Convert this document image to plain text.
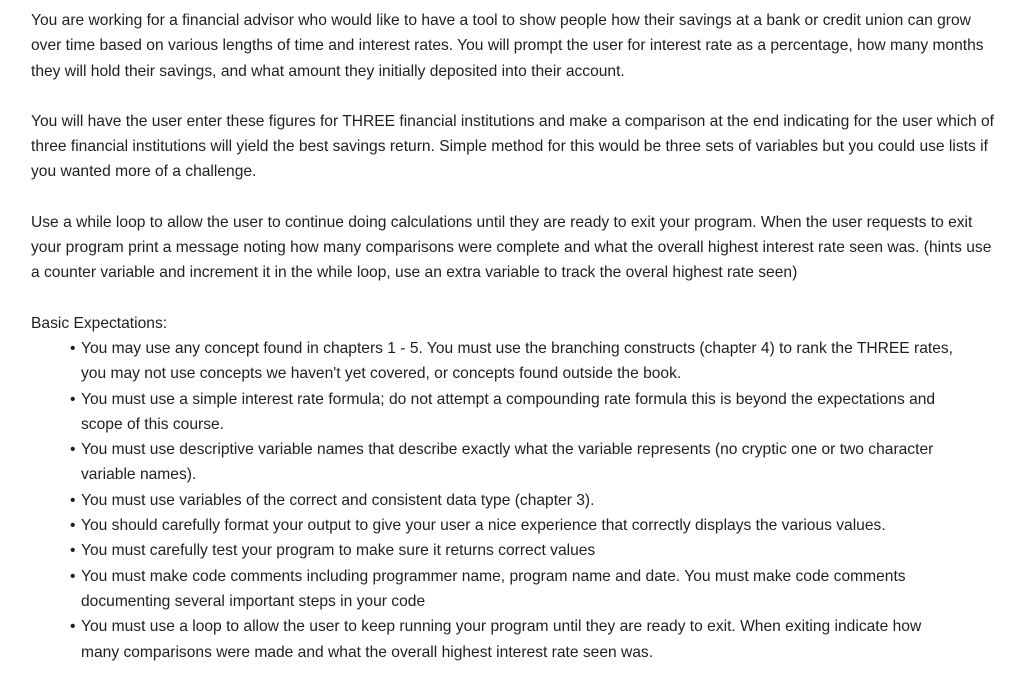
You are working for a financial advisor who would like to have a tool to show people how their savings at a bank or credit union can grow over time based on various lengths of time and interest rates. You will prompt the user for interest rate as a percentage, how many months they will hold their savings, and what amount they initially deposited into their account.

You will have the user enter these figures for THREE financial institutions and make a comparison at the end indicating for the user which of three financial institutions will yield the best savings return. Simple method for this would be three sets of variables but you could use lists if you wanted more of a challenge.

Use a while loop to allow the user to continue doing calculations until they are ready to exit your program. When the user requests to exit your program print a message noting how many comparisons were complete and what the overall highest interest rate seen was. (hints use a counter variable and increment it in the while loop, use an extra variable to track the overal highest rate seen)

Basic Expectations:

• You may use any concept found in chapters 1 - 5. You must use the branching constructs (chapter 4) to rank the THREE rates, you may not use concepts we haven't yet covered, or concepts found outside the book.
• You must use a simple interest rate formula; do not attempt a compounding rate formula this is beyond the expectations and scope of this course.
• You must use descriptive variable names that describe exactly what the variable represents (no cryptic one or two character variable names).
• You must use variables of the correct and consistent data type (chapter 3).
• You should carefully format your output to give your user a nice experience that correctly displays the various values.
• You must carefully test your program to make sure it returns correct values
• You must make code comments including programmer name, program name and date. You must make code comments documenting several important steps in your code
• You must use a loop to allow the user to keep running your program until they are ready to exit. When exiting indicate how many comparisons were made and what the overall highest interest rate seen was.
